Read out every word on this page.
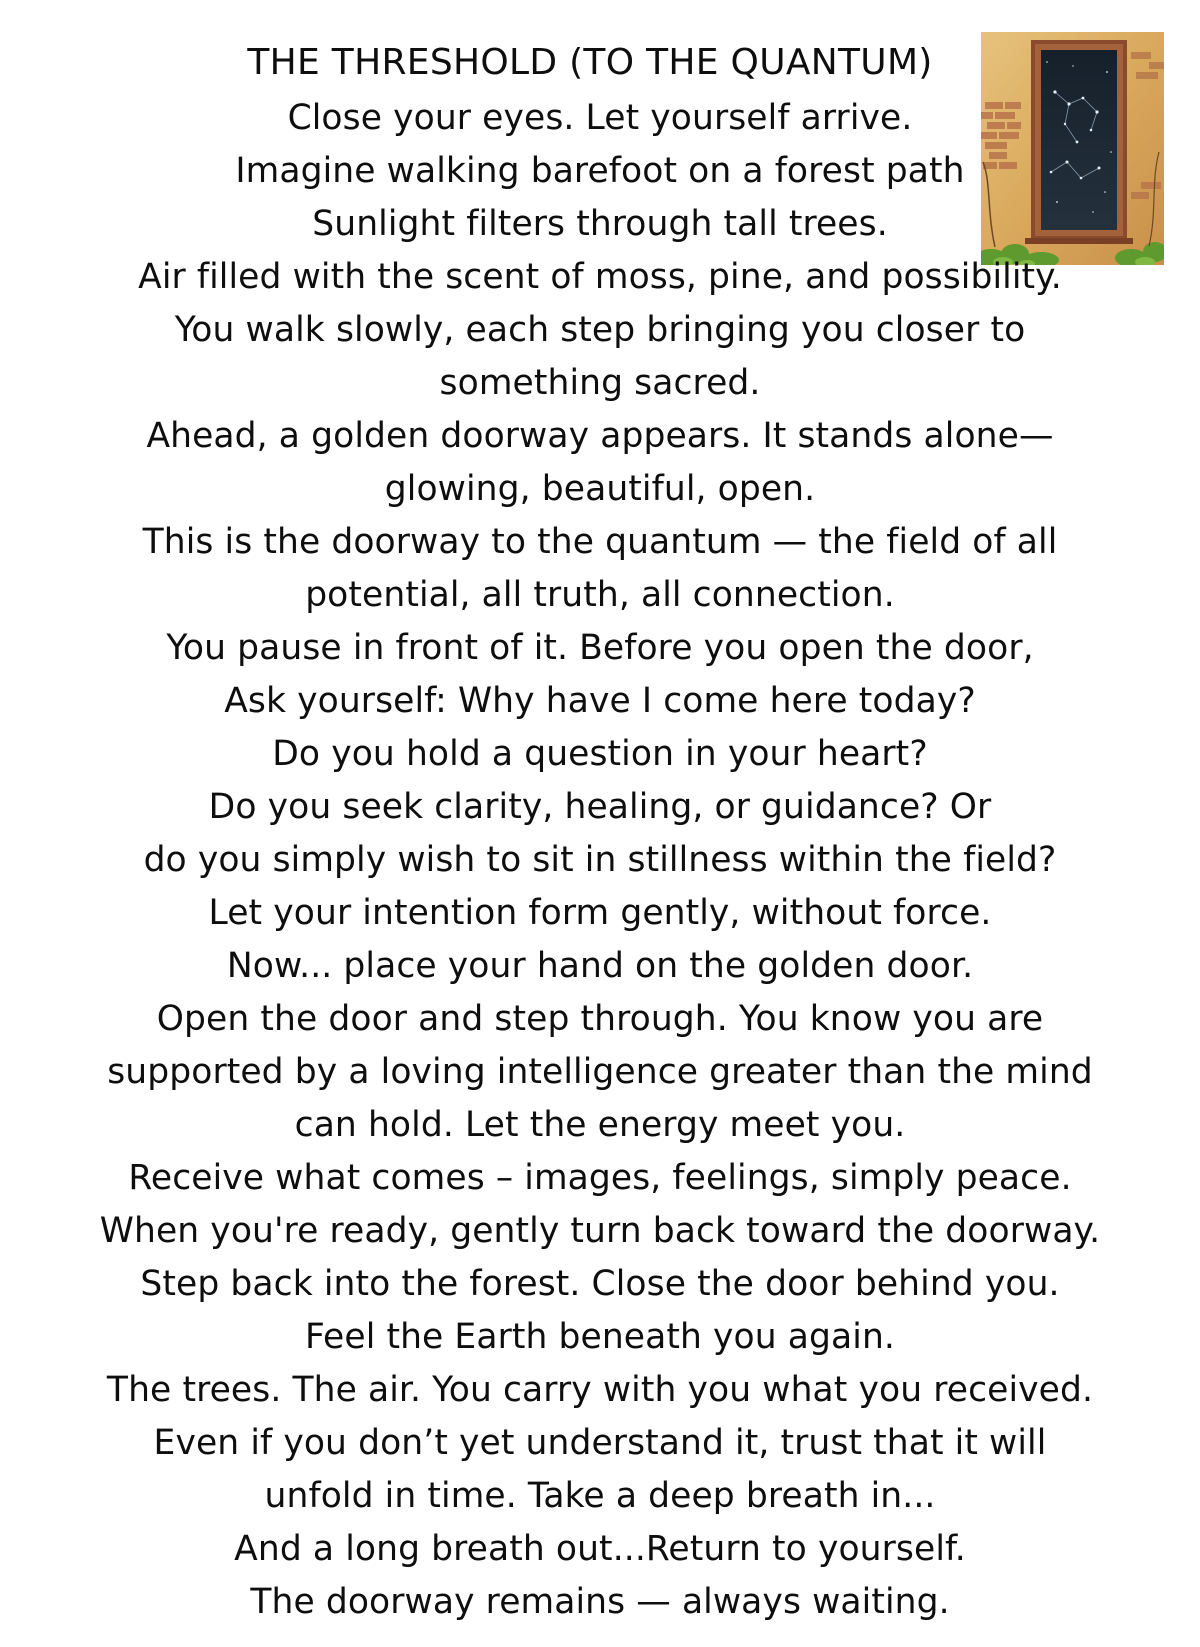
THE THRESHOLD (TO THE QUANTUM)
Close your eyes. Let yourself arrive.
Imagine walking barefoot on a forest path
Sunlight filters through tall trees.
Air filled with the scent of moss, pine, and possibility.
You walk slowly, each step bringing you closer to
something sacred.
Ahead, a golden doorway appears. It stands alone—
glowing, beautiful, open.
This is the doorway to the quantum — the field of all
potential, all truth, all connection.
You pause in front of it. Before you open the door,
Ask yourself: Why have I come here today?
Do you hold a question in your heart?
Do you seek clarity, healing, or guidance? Or
do you simply wish to sit in stillness within the field?
Let your intention form gently, without force.
Now... place your hand on the golden door.
Open the door and step through. You know you are
supported by a loving intelligence greater than the mind
can hold. Let the energy meet you.
Receive what comes – images, feelings, simply peace.
When you're ready, gently turn back toward the doorway.
Step back into the forest. Close the door behind you.
Feel the Earth beneath you again.
The trees. The air. You carry with you what you received.
Even if you don’t yet understand it, trust that it will
unfold in time. Take a deep breath in...
And a long breath out...Return to yourself.
The doorway remains — always waiting.
